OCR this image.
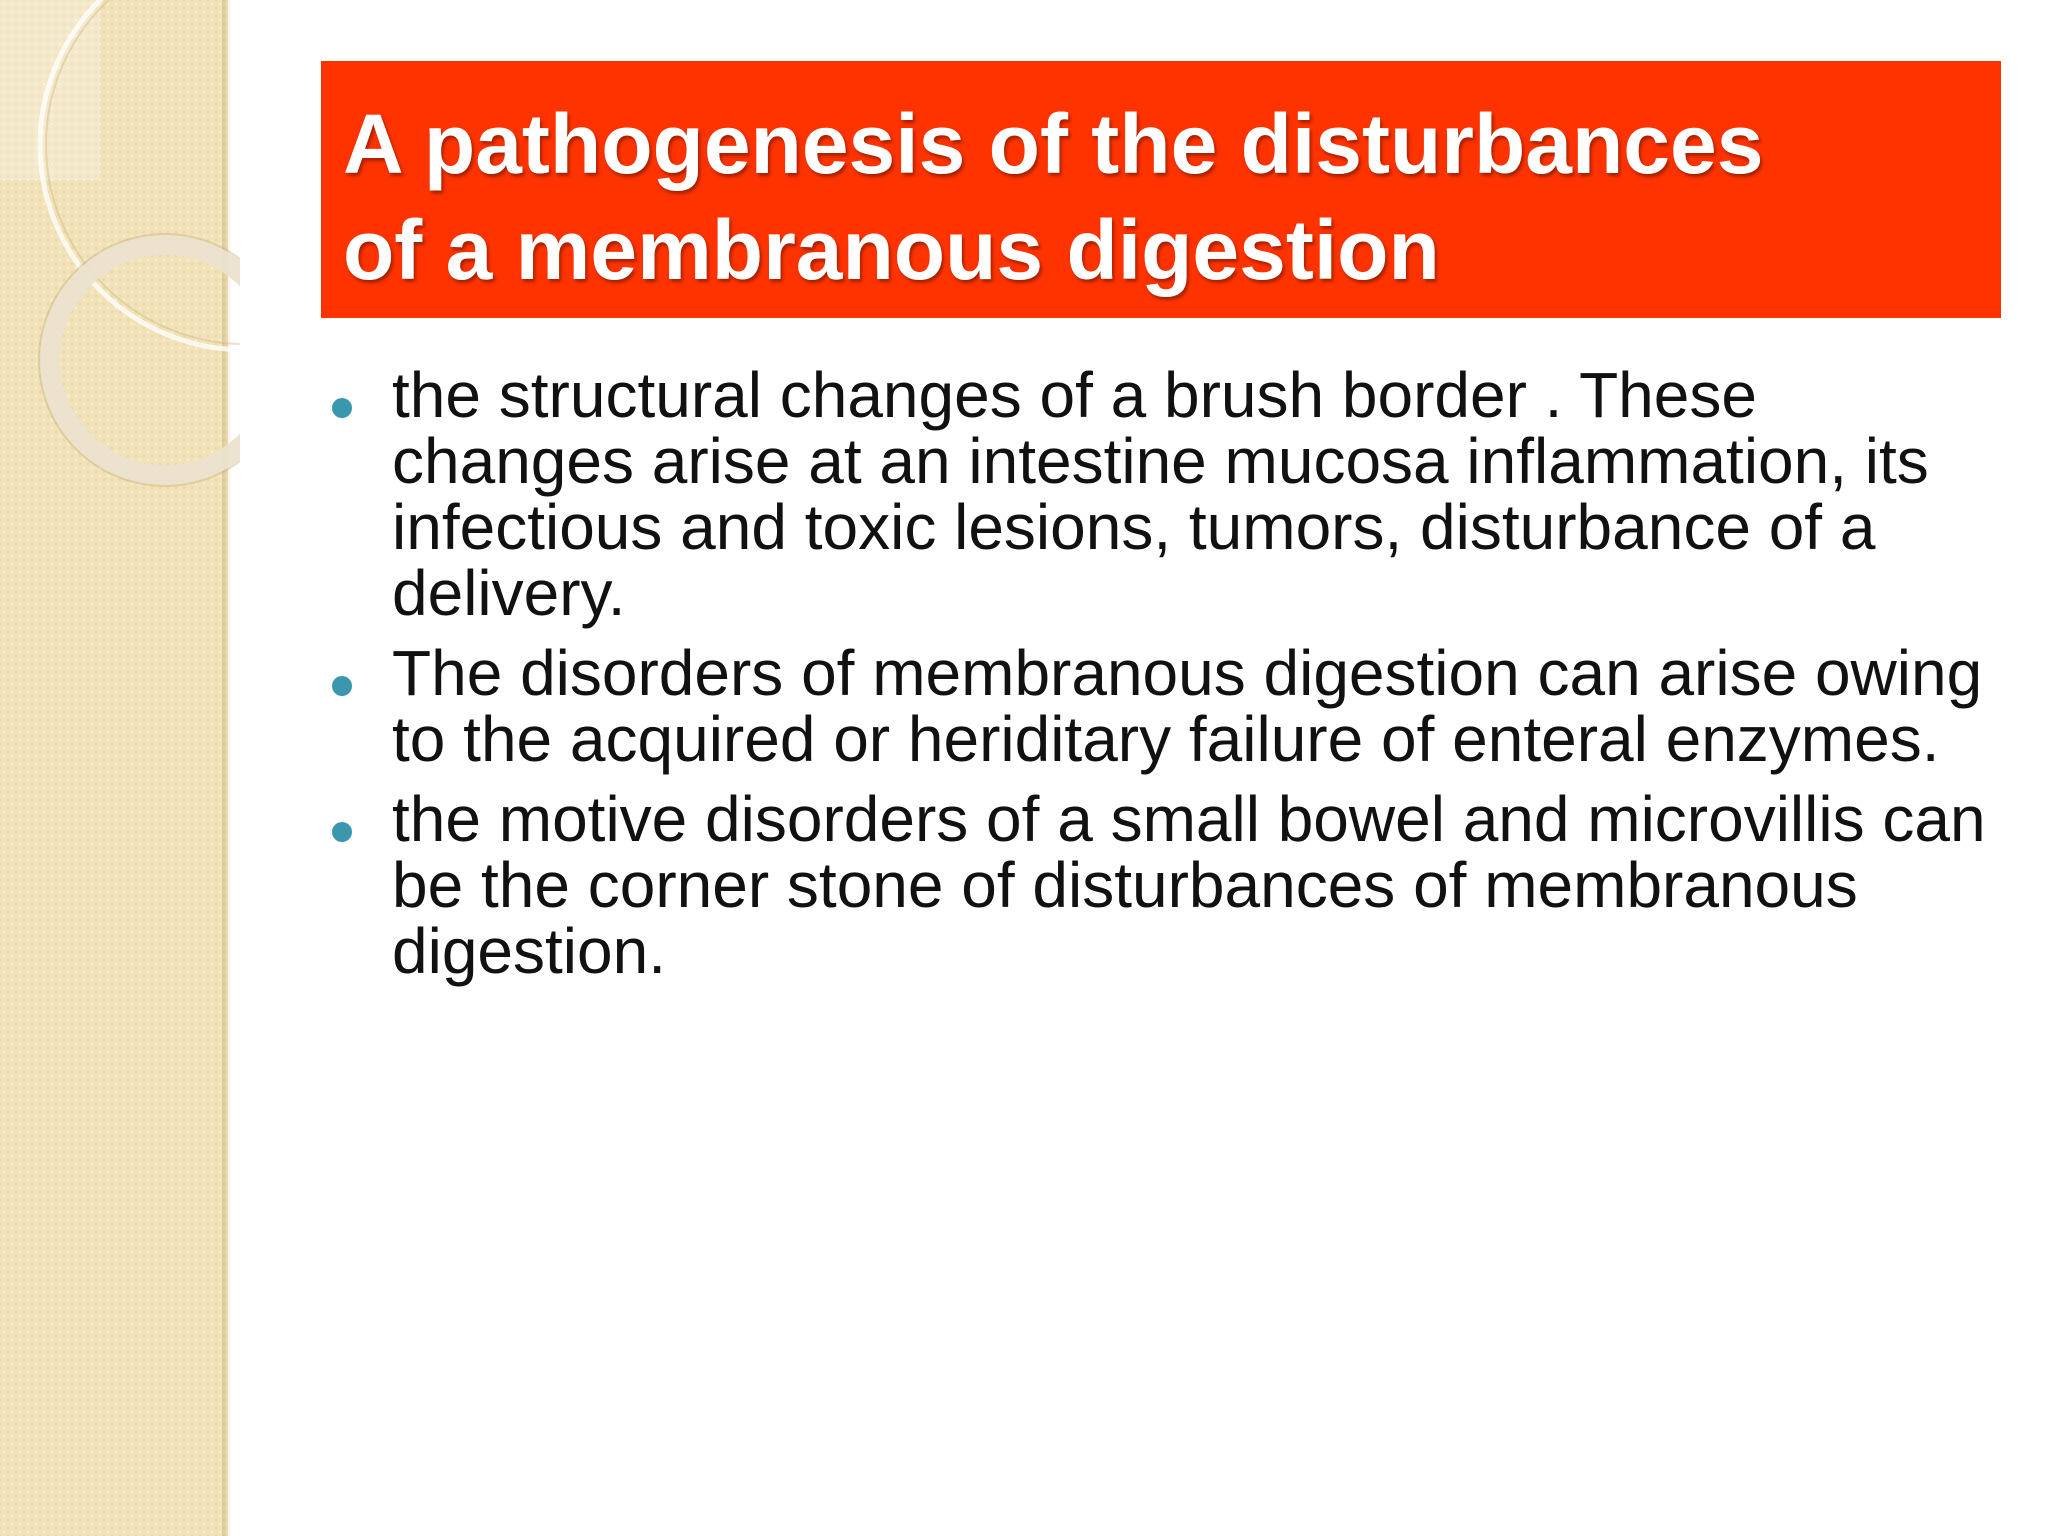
A pathogenesis of the disturbances
of a membranous digestion
the structural changes of a brush border . These changes arise at an intestine mucosa inflammation, its infectious and toxic lesions, tumors, disturbance of a delivery.
The disorders of membranous digestion can arise owing to the acquired or heriditary failure of enteral enzymes.
the motive disorders of a small bowel and microvillis can be the corner stone of disturbances of membranous digestion.
